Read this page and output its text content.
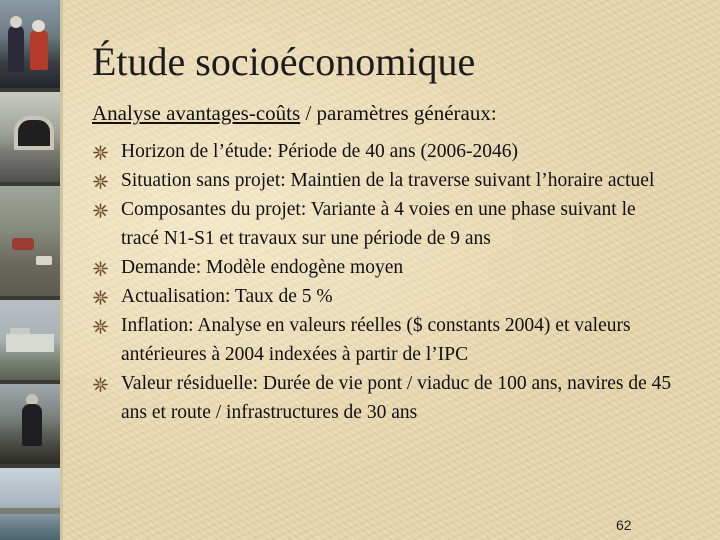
Étude socioéconomique
Analyse avantages-coûts / paramètres généraux:
Horizon de l’étude: Période de 40 ans (2006-2046)
Situation sans projet: Maintien de la traverse suivant l’horaire actuel
Composantes du projet: Variante à 4 voies en une phase suivant le tracé N1-S1 et travaux sur une période de 9 ans
Demande: Modèle endogène moyen
Actualisation: Taux de 5 %
Inflation: Analyse en valeurs réelles ($ constants 2004) et valeurs antérieures à 2004 indexées à partir de l’IPC
Valeur résiduelle: Durée de vie pont / viaduc de 100 ans, navires de 45 ans et route / infrastructures de 30 ans
62
